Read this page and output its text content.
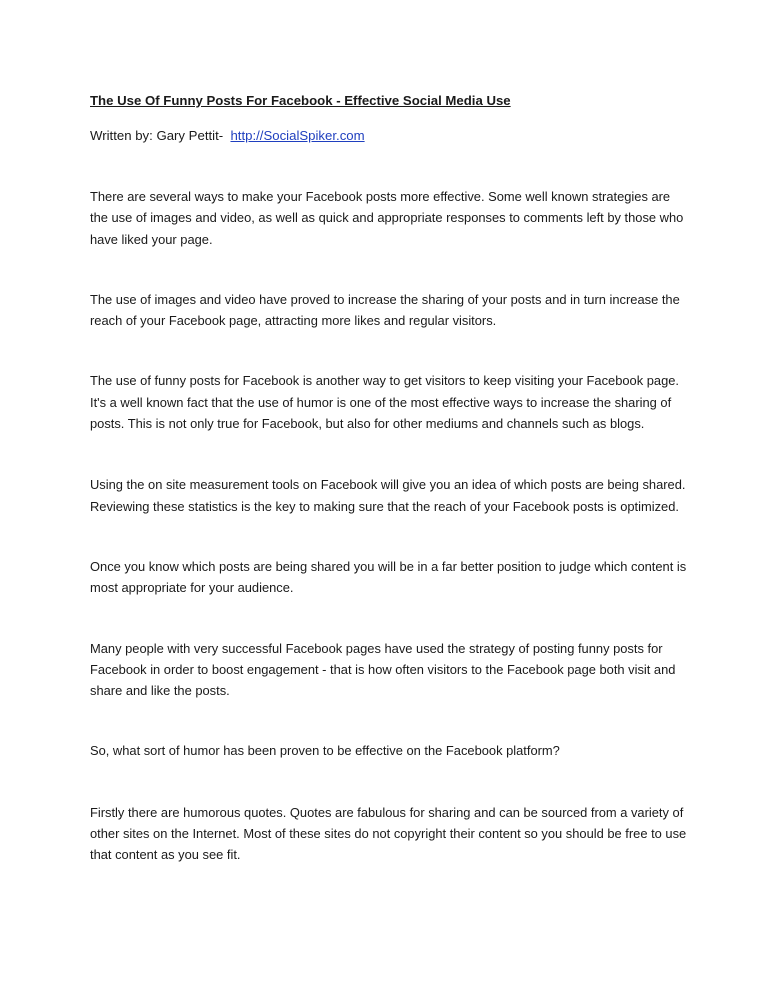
The Use Of Funny Posts For Facebook - Effective Social Media Use

Written by: Gary Pettit- http://SocialSpiker.com

There are several ways to make your Facebook posts more effective. Some well known strategies are the use of images and video, as well as quick and appropriate responses to comments left by those who have liked your page.

The use of images and video have proved to increase the sharing of your posts and in turn increase the reach of your Facebook page, attracting more likes and regular visitors.

The use of funny posts for Facebook is another way to get visitors to keep visiting your Facebook page. It's a well known fact that the use of humor is one of the most effective ways to increase the sharing of posts. This is not only true for Facebook, but also for other mediums and channels such as blogs.

Using the on site measurement tools on Facebook will give you an idea of which posts are being shared. Reviewing these statistics is the key to making sure that the reach of your Facebook posts is optimized.

Once you know which posts are being shared you will be in a far better position to judge which content is most appropriate for your audience.

Many people with very successful Facebook pages have used the strategy of posting funny posts for Facebook in order to boost engagement - that is how often visitors to the Facebook page both visit and share and like the posts.

So, what sort of humor has been proven to be effective on the Facebook platform?

Firstly there are humorous quotes. Quotes are fabulous for sharing and can be sourced from a variety of other sites on the Internet. Most of these sites do not copyright their content so you should be free to use that content as you see fit.
